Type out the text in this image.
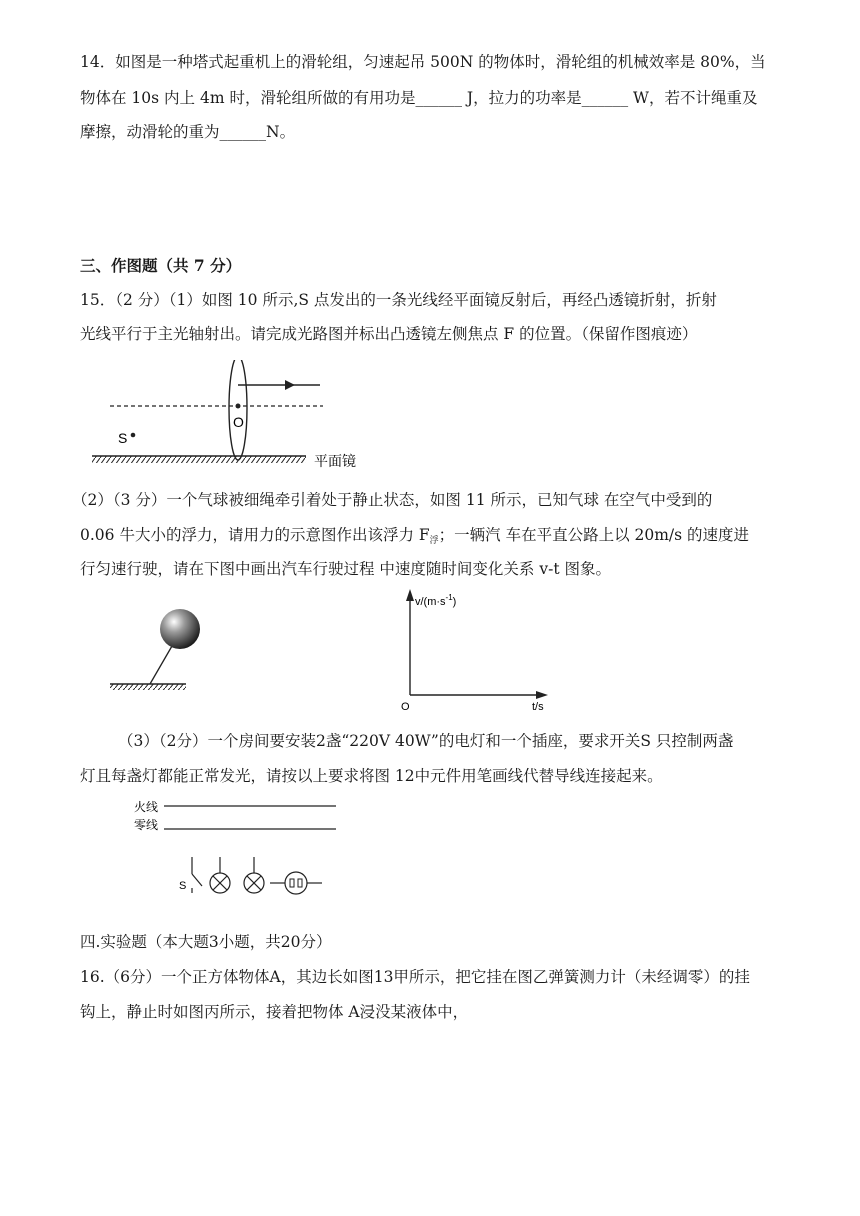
14．如图是一种塔式起重机上的滑轮组，匀速起吊 500N 的物体时，滑轮组的机械效率是 80%，当
物体在 10s 内上 4m 时，滑轮组所做的有用功是______ J，拉力的功率是______ W，若不计绳重及
摩擦，动滑轮的重为______N。
三、作图题（共 7 分）
15．（2 分）（1）如图 10 所示,S 点发出的一条光线经平面镜反射后，再经凸透镜折射，折射
光线平行于主光轴射出。请完成光路图并标出凸透镜左侧焦点 F 的位置。（保留作图痕迹）
O
S
平面镜
（2）（3 分）一个气球被细绳牵引着处于静止状态，如图 11 所示，已知气球 在空气中受到的
0.06 牛大小的浮力，请用力的示意图作出该浮力 $F_浮$；一辆汽 车在平直公路上以 20m/s 的速度进
行匀速行驶，请在下图中画出汽车行驶过程 中速度随时间变化关系 v-t 图象。
$v/(m\cdot s^{-1})$
O	t/s
（3）（2分）一个房间要安装2盏“220V 40W”的电灯和一个插座，要求开关S 只控制两盏
灯且每盏灯都能正常发光，请按以上要求将图 12中元件用笔画线代替导线连接起来。
火线
零线
S
四.实验题（本大题3小题，共20分）
16.（6分）一个正方体物体A，其边长如图13甲所示，把它挂在图乙弹簧测力计（未经调零）的挂
钩上，静止时如图丙所示，接着把物体 A浸没某液体中，
